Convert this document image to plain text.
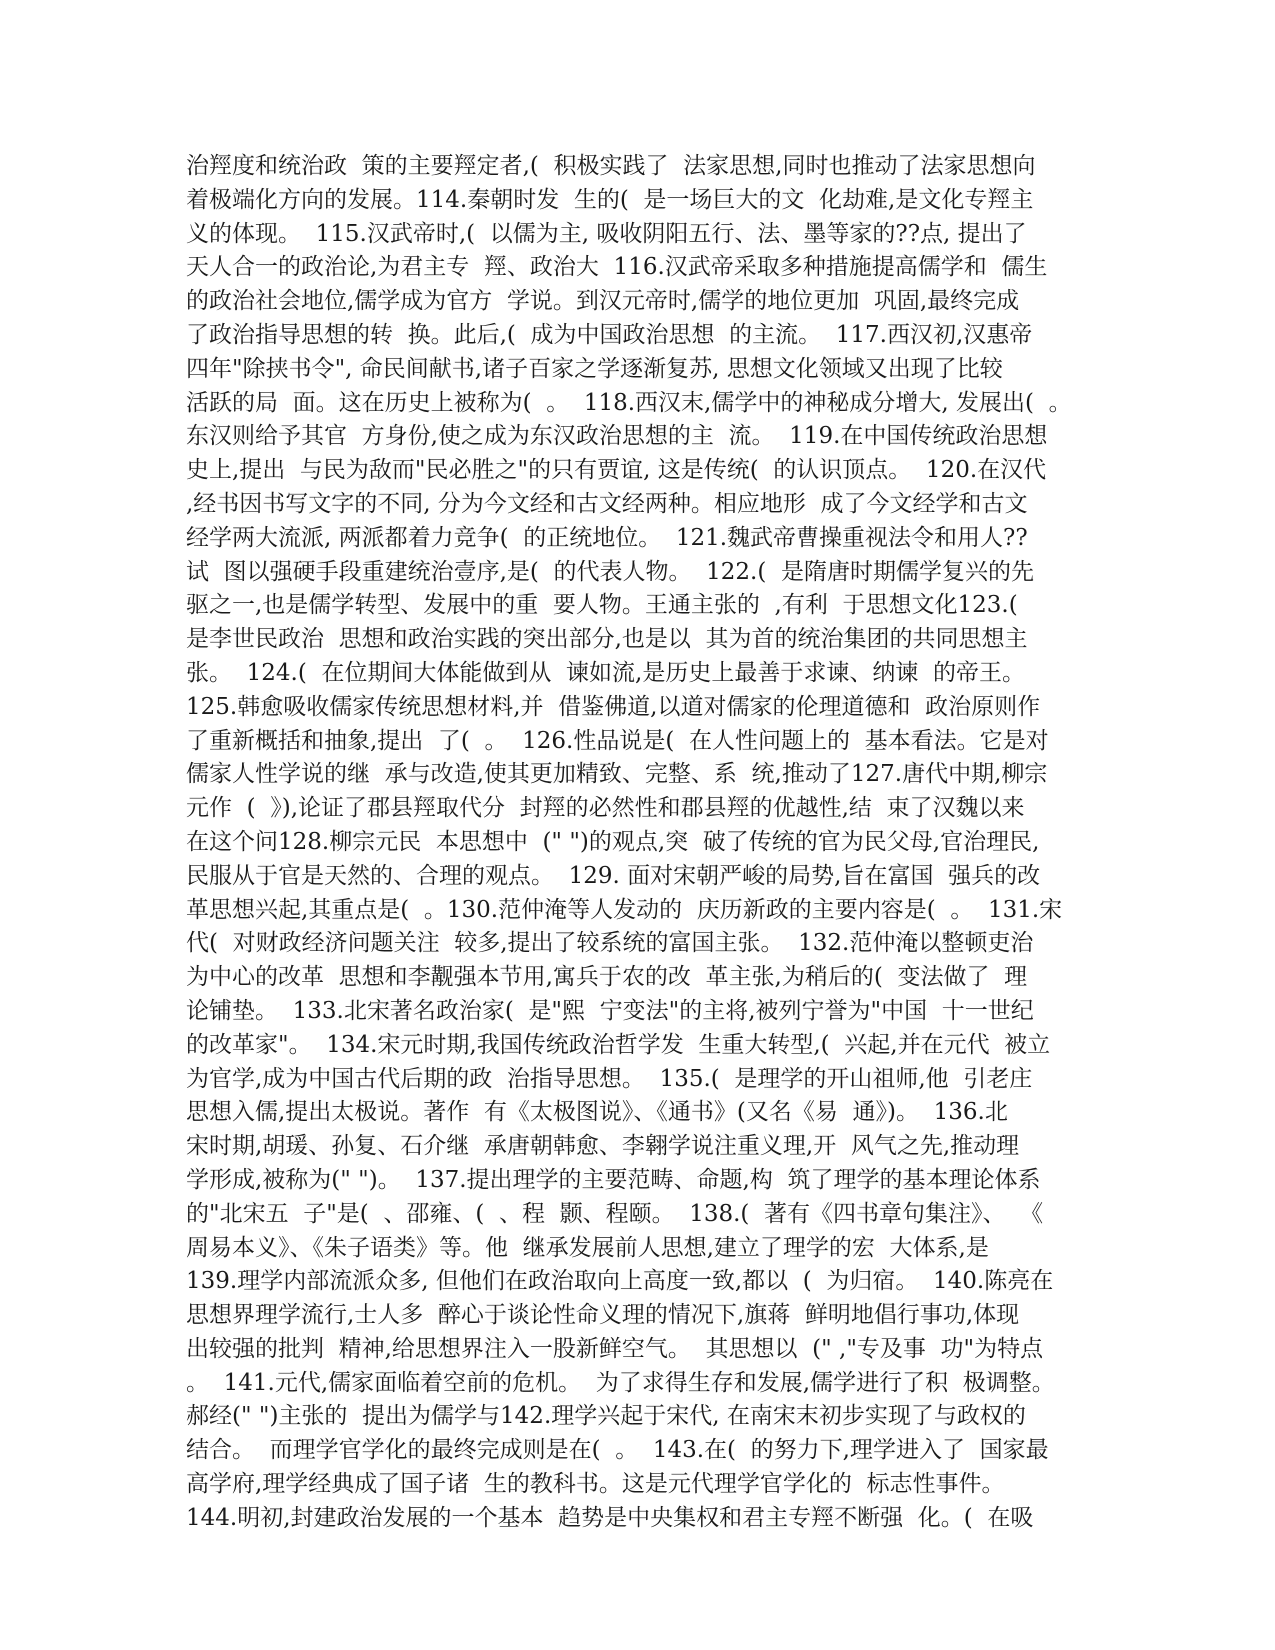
治羥度和统治政  策的主要羥定者,(  积极实践了  法家思想,同时也推动了法家思想向
着极端化方向的发展。114.秦朝时发  生的(  是一场巨大的文  化劫难,是文化专羥主
义的体现。  115.汉武帝时,(  以儒为主, 吸收阴阳五行、法、墨等家的??点, 提出了
天人合一的政治论,为君主专  羥、政治大  116.汉武帝采取多种措施提高儒学和  儒生
的政治社会地位,儒学成为官方  学说。到汉元帝时,儒学的地位更加  巩固,最终完成
了政治指导思想的转  换。此后,(  成为中国政治思想  的主流。  117.西汉初,汉惠帝
四年"除挟书令", 命民间献书,诸子百家之学逐渐复苏, 思想文化领域又出现了比较
活跃的局  面。这在历史上被称为(  。  118.西汉末,儒学中的神秘成分增大, 发展出(  。
东汉则给予其官  方身份,使之成为东汉政治思想的主  流。  119.在中国传统政治思想
史上,提出  与民为敌而"民必胜之"的只有贾谊, 这是传统(  的认识顶点。  120.在汉代
,经书因书写文字的不同, 分为今文经和古文经两种。相应地形  成了今文经学和古文
经学两大流派, 两派都着力竞争(  的正统地位。  121.魏武帝曹操重视法令和用人??
试  图以强硬手段重建统治壹序,是(  的代表人物。  122.(  是隋唐时期儒学复兴的先
驱之一,也是儒学转型、发展中的重  要人物。王通主张的  ,有利  于思想文化123.(
是李世民政治  思想和政治实践的突出部分,也是以  其为首的统治集团的共同思想主
张。  124.(  在位期间大体能做到从  谏如流,是历史上最善于求谏、纳谏  的帝王。
125.韩愈吸收儒家传统思想材料,并  借鉴佛道,以道对儒家的伦理道德和  政治原则作
了重新概括和抽象,提出  了(  。  126.性品说是(  在人性问题上的  基本看法。它是对
儒家人性学说的继  承与改造,使其更加精致、完整、系  统,推动了127.唐代中期,柳宗
元作  (  》),论证了郡县羥取代分  封羥的必然性和郡县羥的优越性,结  束了汉魏以来
在这个问128.柳宗元民  本思想中  (" ")的观点,突  破了传统的官为民父母,官治理民,
民服从于官是天然的、合理的观点。  129. 面对宋朝严峻的局势,旨在富国  强兵的改
革思想兴起,其重点是(  。130.范仲淹等人发动的  庆历新政的主要内容是(  。  131.宋
代(  对财政经济问题关注  较多,提出了较系统的富国主张。  132.范仲淹以整顿吏治
为中心的改革  思想和李觏强本节用,寓兵于农的改  革主张,为稍后的(  变法做了  理
论铺垫。  133.北宋著名政治家(  是"熙  宁变法"的主将,被列宁誉为"中国  十一世纪
的改革家"。  134.宋元时期,我国传统政治哲学发  生重大转型,(  兴起,并在元代  被立
为官学,成为中国古代后期的政  治指导思想。  135.(  是理学的开山祖师,他  引老庄
思想入儒,提出太极说。著作  有《太极图说》、《通书》(又名《易  通》)。  136.北
宋时期,胡瑗、孙复、石介继  承唐朝韩愈、李翱学说注重义理,开  风气之先,推动理
学形成,被称为(" ")。  137.提出理学的主要范畴、命题,构  筑了理学的基本理论体系
的"北宋五  子"是(  、邵雍、(  、程  颢、程颐。  138.(  著有《四书章句集注》、  《
周易本义》、《朱子语类》等。他  继承发展前人思想,建立了理学的宏  大体系,是
139.理学内部流派众多, 但他们在政治取向上高度一致,都以  (  为归宿。  140.陈亮在
思想界理学流行,士人多  醉心于谈论性命义理的情况下,旗蒋  鲜明地倡行事功,体现
出较强的批判  精神,给思想界注入一股新鲜空气。  其思想以  (" ,"专及事  功"为特点
。  141.元代,儒家面临着空前的危机。  为了求得生存和发展,儒学进行了积  极调整。
郝经(" ")主张的  提出为儒学与142.理学兴起于宋代, 在南宋末初步实现了与政权的
结合。  而理学官学化的最终完成则是在(  。  143.在(  的努力下,理学进入了  国家最
高学府,理学经典成了国子诸  生的教科书。这是元代理学官学化的  标志性事件。
144.明初,封建政治发展的一个基本  趋势是中央集权和君主专羥不断强  化。(  在吸
